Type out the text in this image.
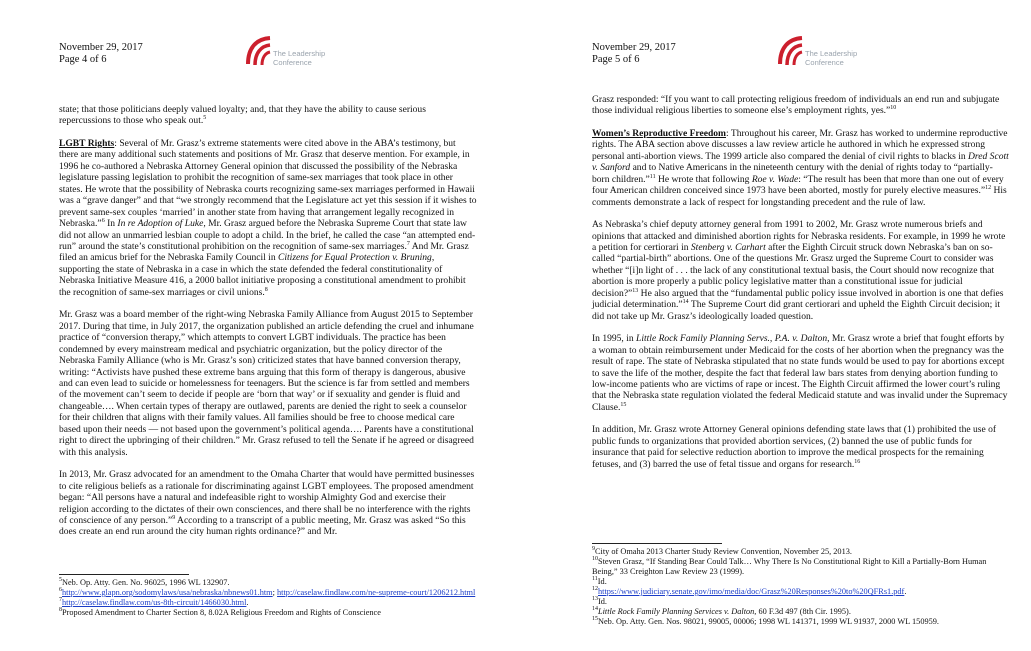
November 29, 2017
Page 4 of 6
The Leadership
Conference

state; that those politicians deeply valued loyalty; and, that they have the ability to cause serious repercussions to those who speak out.$^5$

LGBT Rights: Several of Mr. Grasz’s extreme statements were cited above in the ABA’s testimony, but there are many additional such statements and positions of Mr. Grasz that deserve mention. For example, in 1996 he co-authored a Nebraska Attorney General opinion that discussed the possibility of the Nebraska legislature passing legislation to prohibit the recognition of same-sex marriages that took place in other states. He wrote that the possibility of Nebraska courts recognizing same-sex marriages performed in Hawaii was a “grave danger” and that “we strongly recommend that the Legislature act yet this session if it wishes to prevent same-sex couples ‘married’ in another state from having that arrangement legally recognized in Nebraska.”$^6$ In In re Adoption of Luke, Mr. Grasz argued before the Nebraska Supreme Court that state law did not allow an unmarried lesbian couple to adopt a child. In the brief, he called the case “an attempted end-run” around the state’s constitutional prohibition on the recognition of same-sex marriages.$^7$ And Mr. Grasz filed an amicus brief for the Nebraska Family Council in Citizens for Equal Protection v. Bruning, supporting the state of Nebraska in a case in which the state defended the federal constitutionality of Nebraska Initiative Measure 416, a 2000 ballot initiative proposing a constitutional amendment to prohibit the recognition of same-sex marriages or civil unions.$^8$

Mr. Grasz was a board member of the right-wing Nebraska Family Alliance from August 2015 to September 2017. During that time, in July 2017, the organization published an article defending the cruel and inhumane practice of “conversion therapy,” which attempts to convert LGBT individuals. The practice has been condemned by every mainstream medical and psychiatric organization, but the policy director of the Nebraska Family Alliance (who is Mr. Grasz’s son) criticized states that have banned conversion therapy, writing: “Activists have pushed these extreme bans arguing that this form of therapy is dangerous, abusive and can even lead to suicide or homelessness for teenagers. But the science is far from settled and members of the movement can’t seem to decide if people are ‘born that way’ or if sexuality and gender is fluid and changeable…. When certain types of therapy are outlawed, parents are denied the right to seek a counselor for their children that aligns with their family values. All families should be free to choose medical care based upon their needs — not based upon the government’s political agenda…. Parents have a constitutional right to direct the upbringing of their children.” Mr. Grasz refused to tell the Senate if he agreed or disagreed with this analysis.

In 2013, Mr. Grasz advocated for an amendment to the Omaha Charter that would have permitted businesses to cite religious beliefs as a rationale for discriminating against LGBT employees. The proposed amendment began: “All persons have a natural and indefeasible right to worship Almighty God and exercise their religion according to the dictates of their own consciences, and there shall be no interference with the rights of conscience of any person.”$^9$ According to a transcript of a public meeting, Mr. Grasz was asked “So this does create an end run around the city human rights ordinance?” and Mr.

$^5$Neb. Op. Atty. Gen. No. 96025, 1996 WL 132907.
$^6$http://www.glapn.org/sodomylaws/usa/nebraska/nbnews01.htm; http://caselaw.findlaw.com/ne-supreme-court/1206212.html
$^7$http://caselaw.findlaw.com/us-8th-circuit/1466030.html.
$^8$Proposed Amendment to Charter Section 8, 8.02A Religious Freedom and Rights of Conscience
November 29, 2017
Page 5 of 6
The Leadership
Conference

Grasz responded: “If you want to call protecting religious freedom of individuals an end run and subjugate those individual religious liberties to someone else’s employment rights, yes.”$^{10}$

Women’s Reproductive Freedom: Throughout his career, Mr. Grasz has worked to undermine reproductive rights. The ABA section above discusses a law review article he authored in which he expressed strong personal anti-abortion views. The 1999 article also compared the denial of civil rights to blacks in Dred Scott v. Sanford and to Native Americans in the nineteenth century with the denial of rights today to “partially-born children.”$^{11}$ He wrote that following Roe v. Wade: “The result has been that more than one out of every four American children conceived since 1973 have been aborted, mostly for purely elective measures.”$^{12}$ His comments demonstrate a lack of respect for longstanding precedent and the rule of law.

As Nebraska’s chief deputy attorney general from 1991 to 2002, Mr. Grasz wrote numerous briefs and opinions that attacked and diminished abortion rights for Nebraska residents. For example, in 1999 he wrote a petition for certiorari in Stenberg v. Carhart after the Eighth Circuit struck down Nebraska’s ban on so-called “partial-birth” abortions. One of the questions Mr. Grasz urged the Supreme Court to consider was whether “[i]n light of . . . the lack of any constitutional textual basis, the Court should now recognize that abortion is more properly a public policy legislative matter than a constitutional issue for judicial decision?”$^{13}$ He also argued that the “fundamental public policy issue involved in abortion is one that defies judicial determination.”$^{14}$ The Supreme Court did grant certiorari and upheld the Eighth Circuit decision; it did not take up Mr. Grasz’s ideologically loaded question.

In 1995, in Little Rock Family Planning Servs., P.A. v. Dalton, Mr. Grasz wrote a brief that fought efforts by a woman to obtain reimbursement under Medicaid for the costs of her abortion when the pregnancy was the result of rape. The state of Nebraska stipulated that no state funds would be used to pay for abortions except to save the life of the mother, despite the fact that federal law bars states from denying abortion funding to low-income patients who are victims of rape or incest. The Eighth Circuit affirmed the lower court’s ruling that the Nebraska state regulation violated the federal Medicaid statute and was invalid under the Supremacy Clause.$^{15}$

In addition, Mr. Grasz wrote Attorney General opinions defending state laws that (1) prohibited the use of public funds to organizations that provided abortion services, (2) banned the use of public funds for insurance that paid for selective reduction abortion to improve the medical prospects for the remaining fetuses, and (3) barred the use of fetal tissue and organs for research.$^{16}$

$^9$City of Omaha 2013 Charter Study Review Convention, November 25, 2013.
$^{10}$Steven Grasz, “If Standing Bear Could Talk… Why There Is No Constitutional Right to Kill a Partially-Born Human Being,” 33 Creighton Law Review 23 (1999).
$^{11}$Id.
$^{12}$https://www.judiciary.senate.gov/imo/media/doc/Grasz%20Responses%20to%20QFRs1.pdf.
$^{13}$Id.
$^{14}$Little Rock Family Planning Services v. Dalton, 60 F.3d 497 (8th Cir. 1995).
$^{15}$Neb. Op. Atty. Gen. Nos. 98021, 99005, 00006; 1998 WL 141371, 1999 WL 91937, 2000 WL 150959.
